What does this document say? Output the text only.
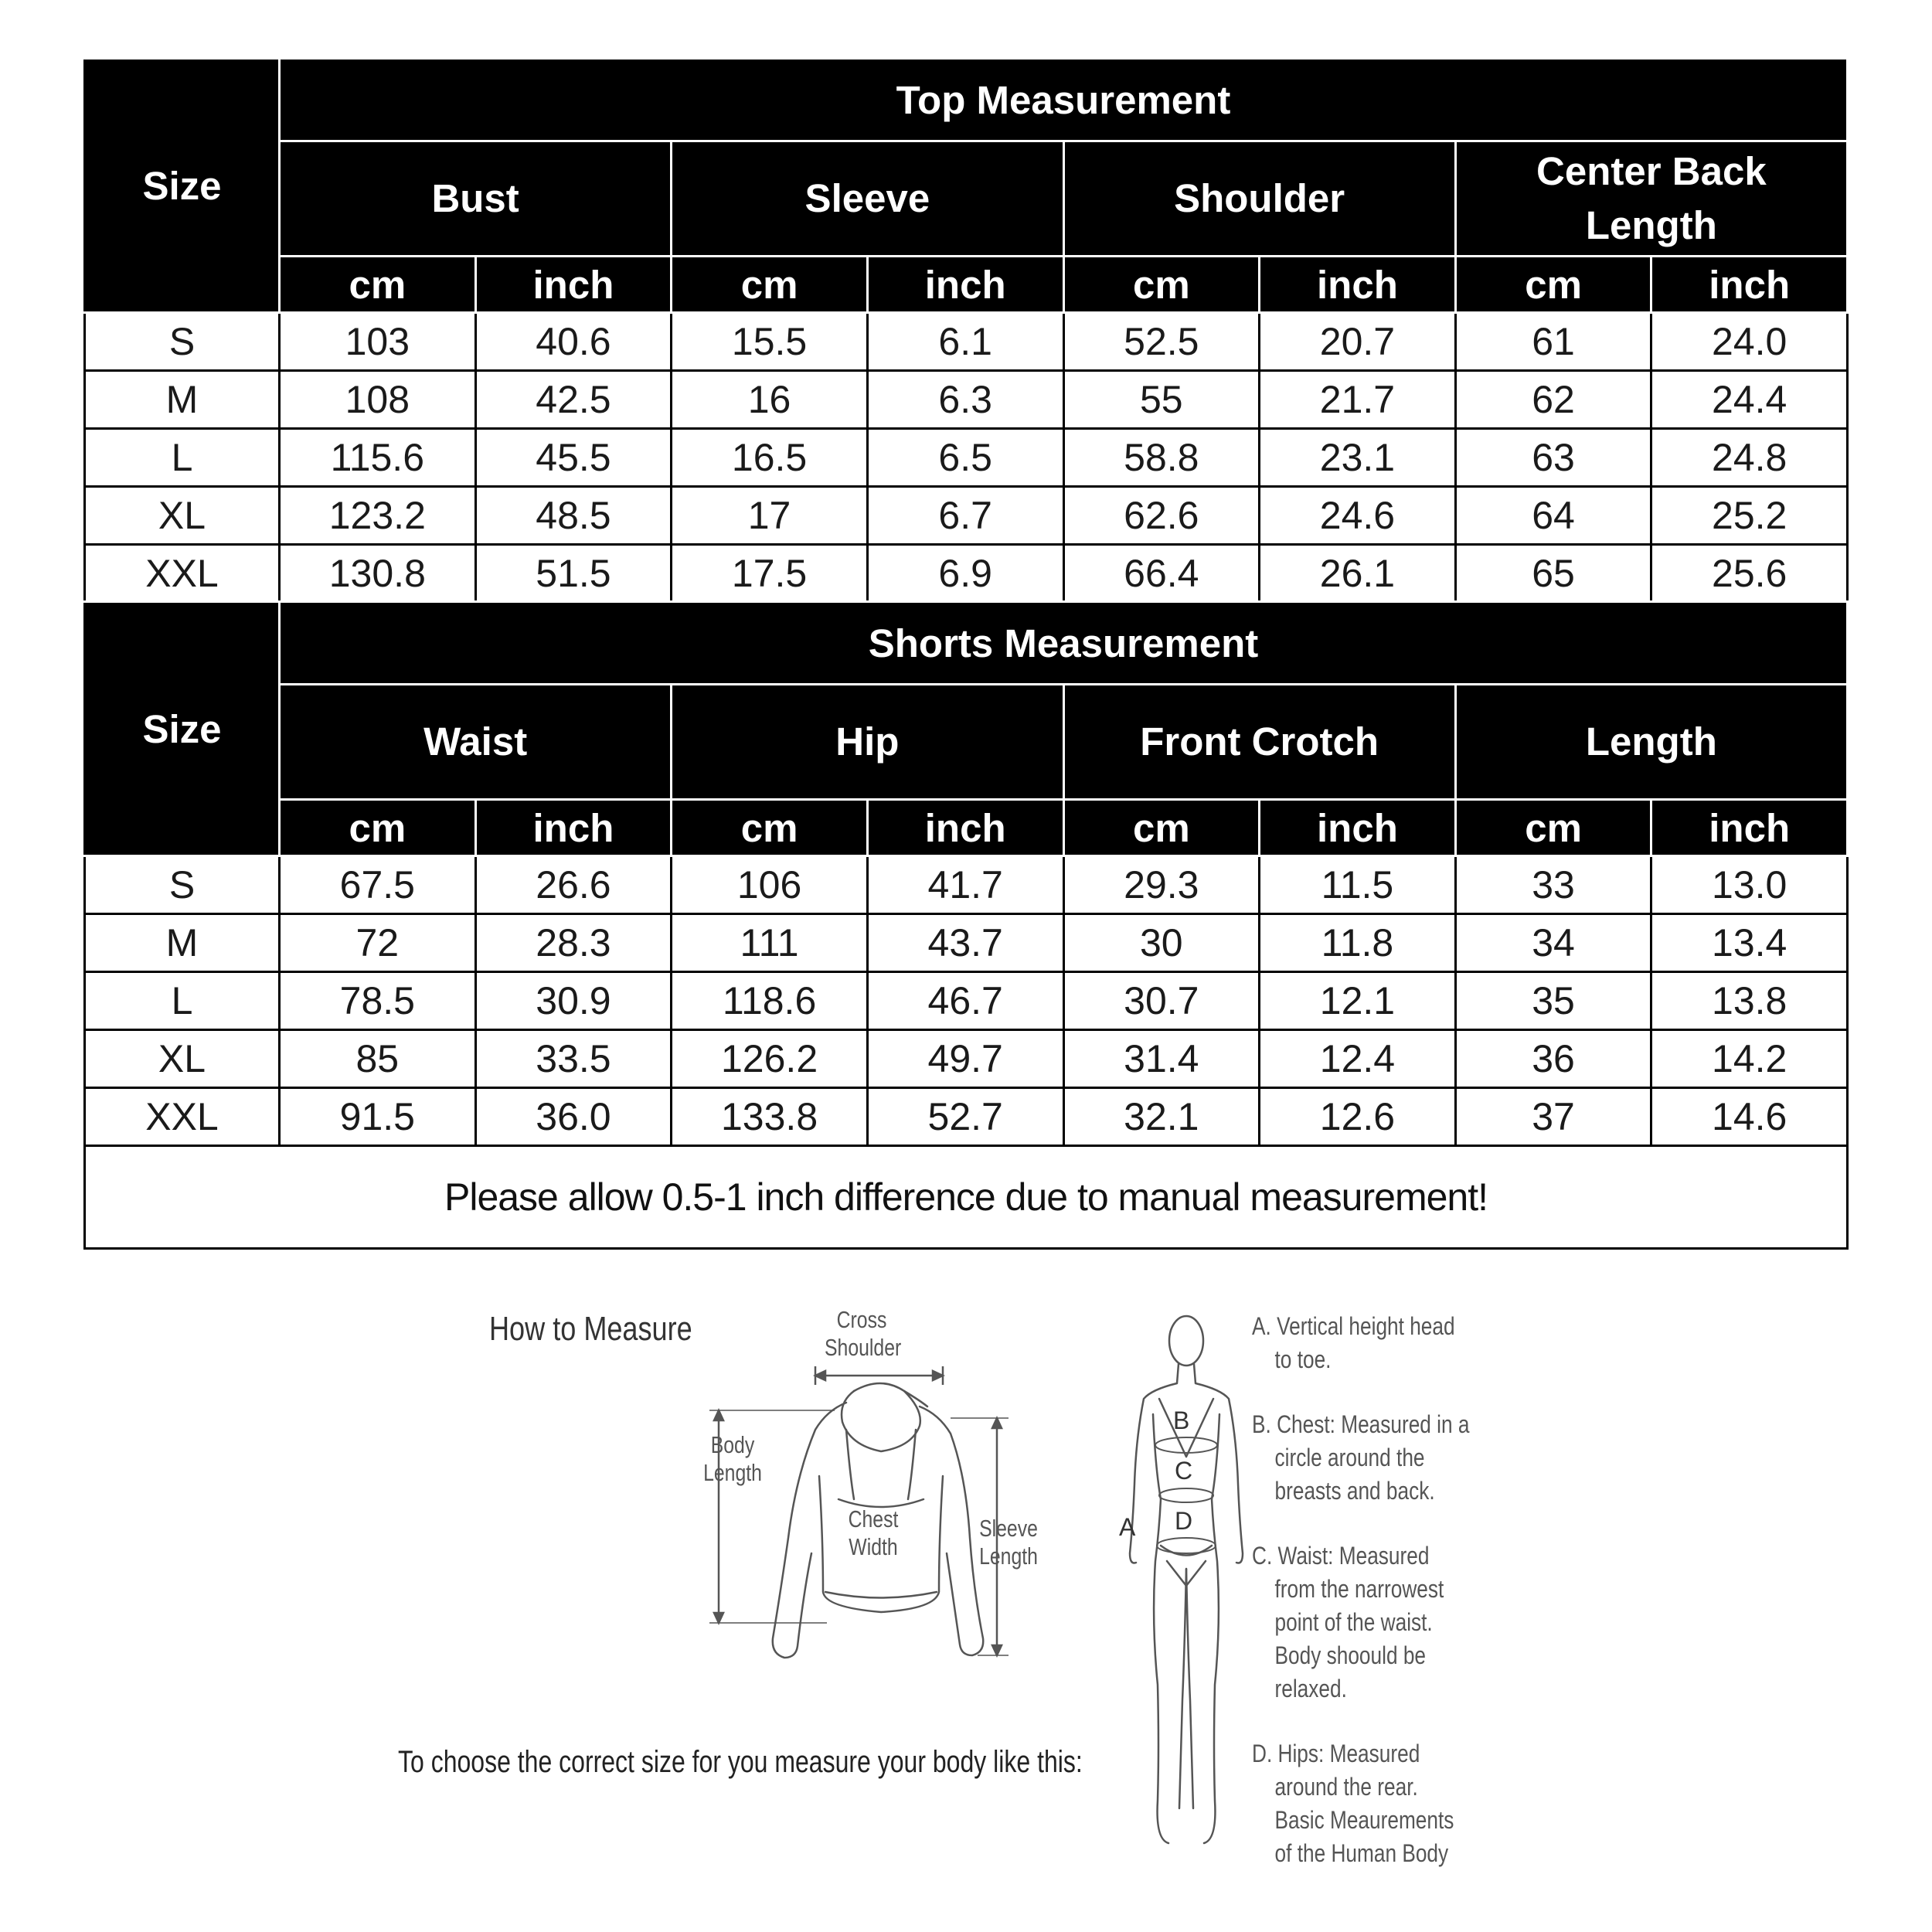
Size	Top Measurement							
	Bust		Sleeve		Shoulder		Center Back Length	
	cm	inch	cm	inch	cm	inch	cm	inch
S	103	40.6	15.5	6.1	52.5	20.7	61	24.0
M	108	42.5	16	6.3	55	21.7	62	24.4
L	115.6	45.5	16.5	6.5	58.8	23.1	63	24.8
XL	123.2	48.5	17	6.7	62.6	24.6	64	25.2
XXL	130.8	51.5	17.5	6.9	66.4	26.1	65	25.6
Size	Shorts Measurement							
	Waist		Hip		Front Crotch		Length	
	cm	inch	cm	inch	cm	inch	cm	inch
S	67.5	26.6	106	41.7	29.3	11.5	33	13.0
M	72	28.3	111	43.7	30	11.8	34	13.4
L	78.5	30.9	118.6	46.7	30.7	12.1	35	13.8
XL	85	33.5	126.2	49.7	31.4	12.4	36	14.2
XXL	91.5	36.0	133.8	52.7	32.1	12.6	37	14.6
Please allow 0.5-1 inch difference due to manual measurement!
How to Measure	Cross
Shoulder
Body
Length
Chest
Width
Sleeve
Length
To choose the correct size for you measure your body like this:
B
C
D
A
A. Vertical height head
to toe.
B. Chest: Measured in a
circle around the
breasts and back.
C. Waist: Measured
from the narrowest
point of the waist.
Body shoould be
relaxed.
D. Hips: Measured
around the rear.
Basic Meaurements
of the Human Body
